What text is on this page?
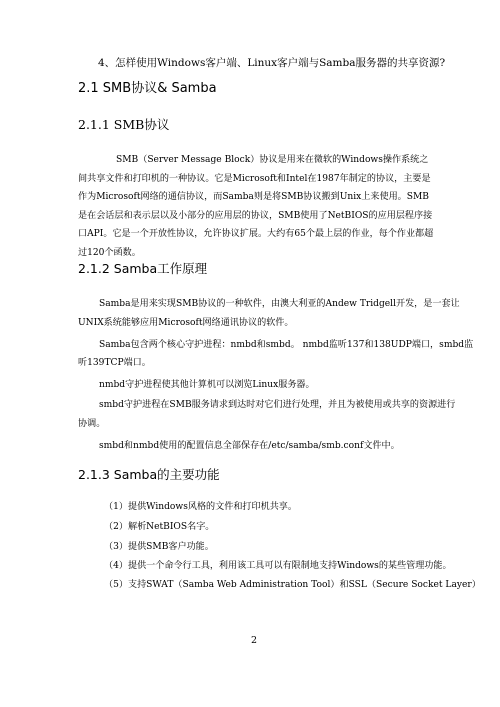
4、怎样使用Windows客户端、Linux客户端与Samba服务器的共享资源?
2.1 SMB协议& Samba
2.1.1 SMB协议
SMB（Server Message Block）协议是用来在微软的Windows操作系统之间共享文件和打印机的一种协议。它是Microsoft和Intel在1987年制定的协议，主要是作为Microsoft网络的通信协议，而Samba则是将SMB协议搬到Unix上来使用。SMB是在会话层和表示层以及小部分的应用层的协议，SMB使用了NetBIOS的应用层程序接口API。它是一个开放性协议，允许协议扩展。大约有65个最上层的作业，每个作业都超过120个函数。
2.1.2 Samba工作原理
Samba是用来实现SMB协议的一种软件，由澳大利亚的Andew Tridgell开发，是一套让
UNIX系统能够应用Microsoft网络通讯协议的软件。
Samba包含两个核心守护进程：nmbd和smbd。 nmbd监听137和138UDP端口，smbd监
听139TCP端口。
nmbd守护进程使其他计算机可以浏览Linux服务器。
smbd守护进程在SMB服务请求到达时对它们进行处理，并且为被使用或共享的资源进行
协调。
smbd和nmbd使用的配置信息全部保存在/etc/samba/smb.conf文件中。
2.1.3 Samba的主要功能
（1）提供Windows风格的文件和打印机共享。
（2）解析NetBIOS名字。
（3）提供SMB客户功能。
（4）提供一个命令行工具，利用该工具可以有限制地支持Windows的某些管理功能。
（5）支持SWAT（Samba Web Administration Tool）和SSL（Secure Socket Layer）
2
